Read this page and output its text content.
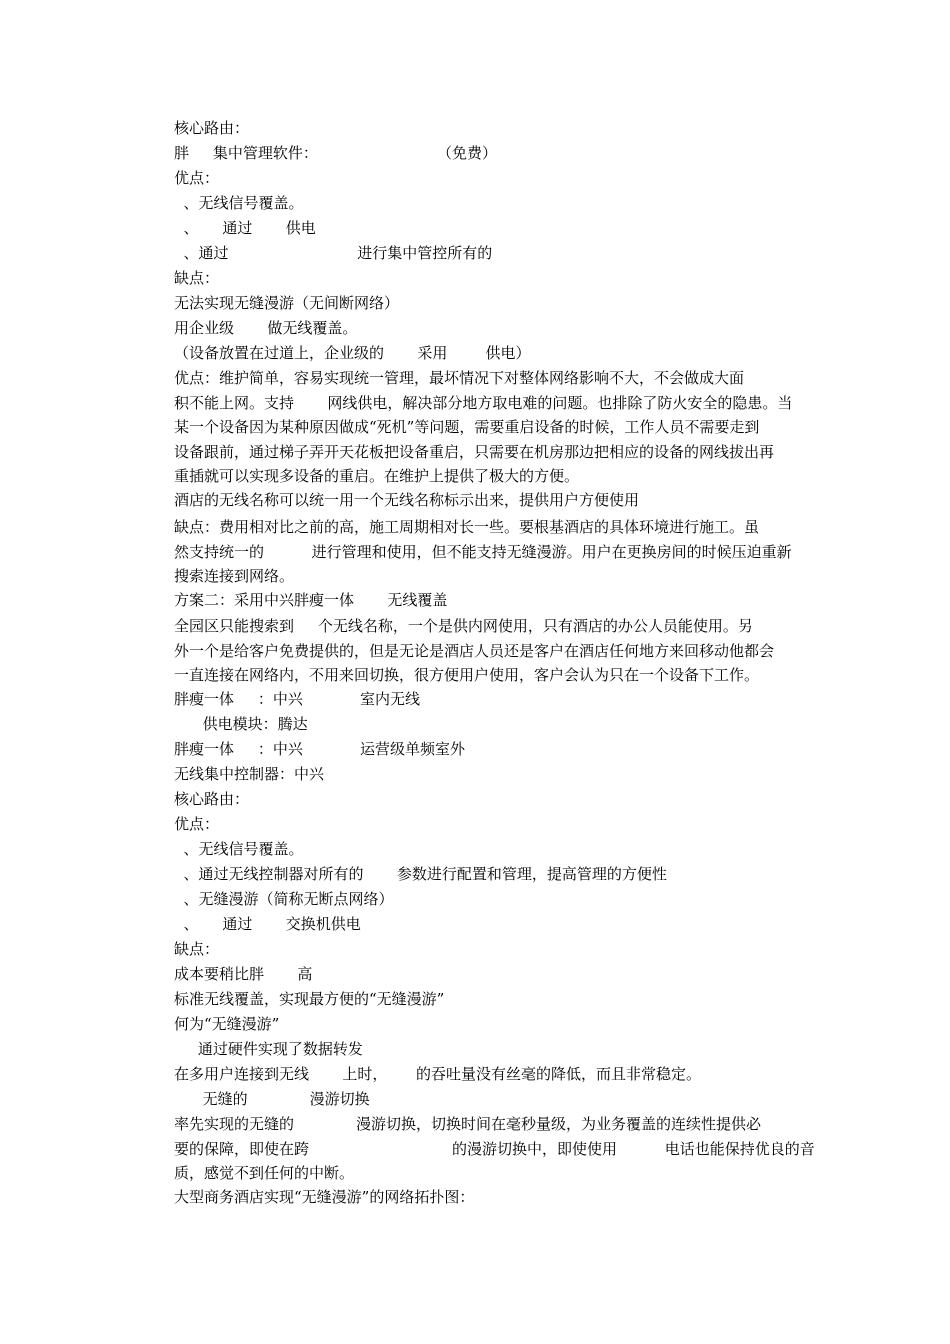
核心路由：
胖     集中管理软件：                         （免费）
优点：
、无线信号覆盖。
、     通过       供电
、通过                           进行集中管控所有的
缺点：
无法实现无缝漫游（无间断网络）
用企业级       做无线覆盖。
（设备放置在过道上，企业级的       采用        供电）
优点：维护简单，容易实现统一管理，最坏情况下对整体网络影响不大，不会做成大面
积不能上网。支持       网线供电，解决部分地方取电难的问题。也排除了防火安全的隐患。当
某一个设备因为某种原因做成“死机”等问题，需要重启设备的时候，工作人员不需要走到
设备跟前，通过梯子弄开天花板把设备重启，只需要在机房那边把相应的设备的网线拔出再
重插就可以实现多设备的重启。在维护上提供了极大的方便。
酒店的无线名称可以统一用一个无线名称标示出来，提供用户方便使用
缺点：费用相对比之前的高，施工周期相对长一些。要根基酒店的具体环境进行施工。虽
然支持统一的          进行管理和使用，但不能支持无缝漫游。用户在更换房间的时候压迫重新
搜索连接到网络。
方案二：采用中兴胖瘦一体       无线覆盖
全园区只能搜索到     个无线名称，一个是供内网使用，只有酒店的办公人员能使用。另
外一个是给客户免费提供的，但是无论是酒店人员还是客户在酒店任何地方来回移动他都会
一直连接在网络内，不用来回切换，很方便用户使用，客户会认为只在一个设备下工作。
胖瘦一体     ：中兴            室内无线
供电模块：腾达
胖瘦一体     ：中兴            运营级单频室外
无线集中控制器：中兴
核心路由：
优点：
、无线信号覆盖。
、通过无线控制器对所有的       参数进行配置和管理，提高管理的方便性
、无缝漫游（简称无断点网络）
、     通过       交换机供电
缺点：
成本要稍比胖       高
标准无线覆盖，实现最方便的“无缝漫游”
何为“无缝漫游”
通过硬件实现了数据转发
在多用户连接到无线       上时，      的吞吐量没有丝毫的降低，而且非常稳定。
无缝的             漫游切换
率先实现的无缝的             漫游切换，切换时间在毫秒量级，为业务覆盖的连续性提供必
要的保障，即使在跨                              的漫游切换中，即使使用          电话也能保持优良的音
质，感觉不到任何的中断。
大型商务酒店实现“无缝漫游”的网络拓扑图：
